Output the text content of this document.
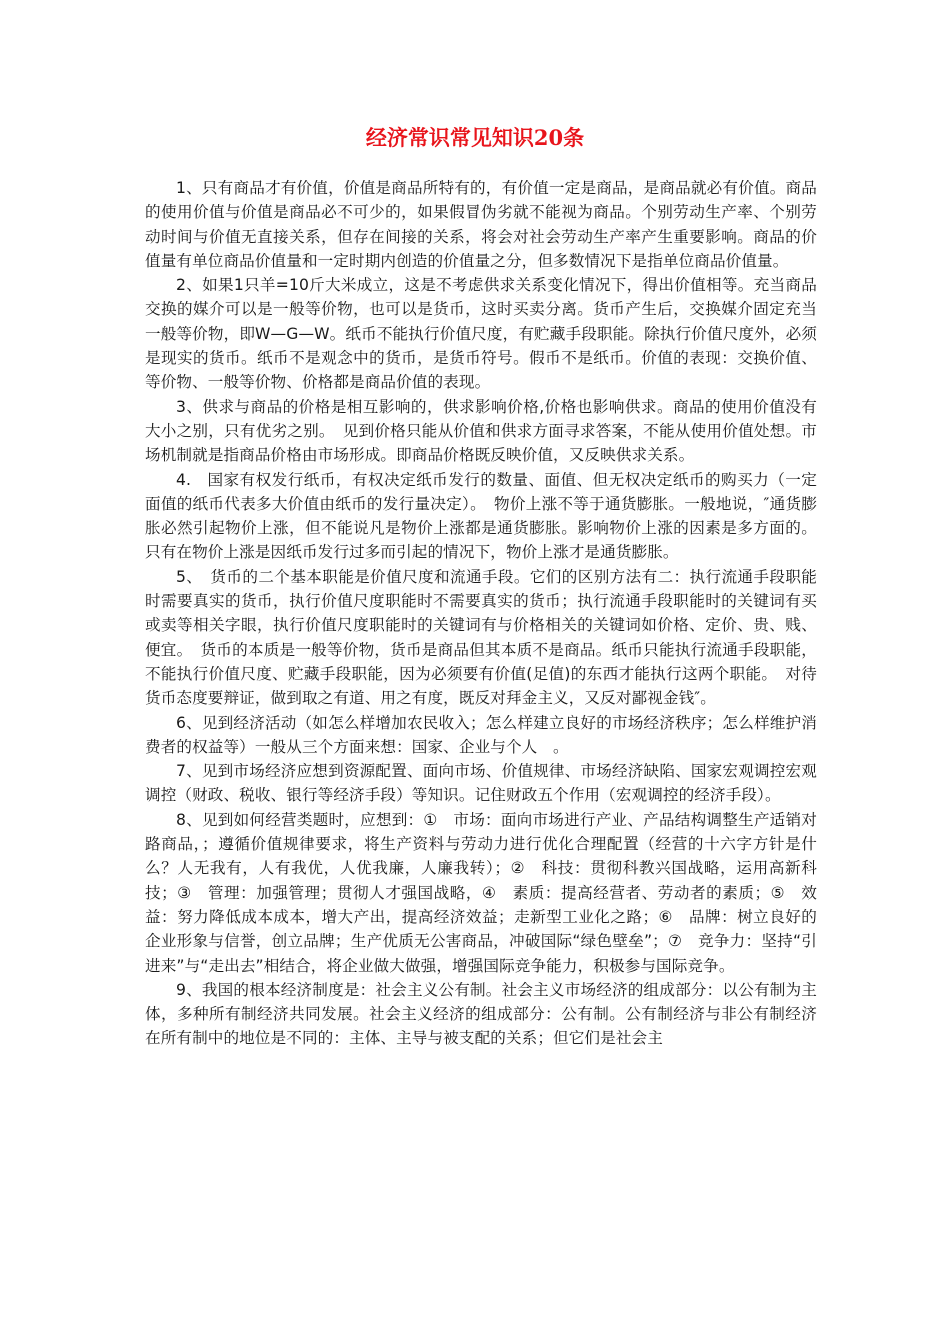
经济常识常见知识20条

1、只有商品才有价值，价值是商品所特有的，有价值一定是商品，是商品就必有价值。商品的使用价值与价值是商品必不可少的，如果假冒伪劣就不能视为商品。个别劳动生产率、个别劳动时间与价值无直接关系，但存在间接的关系，将会对社会劳动生产率产生重要影响。商品的价值量有单位商品价值量和一定时期内创造的价值量之分，但多数情况下是指单位商品价值量。

2、如果1只羊=10斤大米成立，这是不考虑供求关系变化情况下，得出价值相等。充当商品交换的媒介可以是一般等价物，也可以是货币，这时买卖分离。货币产生后，交换媒介固定充当一般等价物，即W—G—W。纸币不能执行价值尺度，有贮藏手段职能。除执行价值尺度外，必须是现实的货币。纸币不是观念中的货币，是货币符号。假币不是纸币。价值的表现：交换价值、等价物、一般等价物、价格都是商品价值的表现。

3、供求与商品的价格是相互影响的，供求影响价格,价格也影响供求。商品的使用价值没有大小之别，只有优劣之别。　见到价格只能从价值和供求方面寻求答案，不能从使用价值处想。市场机制就是指商品价格由市场形成。即商品价格既反映价值，又反映供求关系。

4.　国家有权发行纸币，有权决定纸币发行的数量、面值、但无权决定纸币的购买力（一定面值的纸币代表多大价值由纸币的发行量决定）。　物价上涨不等于通货膨胀。一般地说，″通货膨胀必然引起物价上涨，但不能说凡是物价上涨都是通货膨胀。影响物价上涨的因素是多方面的。只有在物价上涨是因纸币发行过多而引起的情况下，物价上涨才是通货膨胀。

5、　货币的二个基本职能是价值尺度和流通手段。它们的区别方法有二：执行流通手段职能时需要真实的货币，执行价值尺度职能时不需要真实的货币；执行流通手段职能时的关键词有买或卖等相关字眼，执行价值尺度职能时的关键词有与价格相关的关键词如价格、定价、贵、贱、便宜。　货币的本质是一般等价物，货币是商品但其本质不是商品。纸币只能执行流通手段职能，不能执行价值尺度、贮藏手段职能，因为必须要有价值(足值)的东西才能执行这两个职能。　对待货币态度要辩证，做到取之有道、用之有度，既反对拜金主义，又反对鄙视金钱″。

6、见到经济活动（如怎么样增加农民收入；怎么样建立良好的市场经济秩序；怎么样维护消费者的权益等）一般从三个方面来想：国家、企业与个人　。

7、见到市场经济应想到资源配置、面向市场、价值规律、市场经济缺陷、国家宏观调控宏观调控（财政、税收、银行等经济手段）等知识。记住财政五个作用（宏观调控的经济手段）。

8、见到如何经营类题时，应想到：①　市场：面向市场进行产业、产品结构调整生产适销对路商品，；遵循价值规律要求，将生产资料与劳动力进行优化合理配置（经营的十六字方针是什么？人无我有，人有我优，人优我廉，人廉我转）；②　科技：贯彻科教兴国战略，运用高新科技；③　管理：加强管理；贯彻人才强国战略，④　素质：提高经营者、劳动者的素质；⑤　效益：努力降低成本成本，增大产出，提高经济效益；走新型工业化之路；⑥　品牌：树立良好的企业形象与信誉，创立品牌；生产优质无公害商品，冲破国际“绿色壁垒”；⑦　竞争力：坚持“引进来”与“走出去”相结合，将企业做大做强，增强国际竞争能力，积极参与国际竞争。

9、我国的根本经济制度是：社会主义公有制。社会主义市场经济的组成部分：以公有制为主体，多种所有制经济共同发展。社会主义经济的组成部分：公有制。公有制经济与非公有制经济在所有制中的地位是不同的：主体、主导与被支配的关系；但它们是社会主
